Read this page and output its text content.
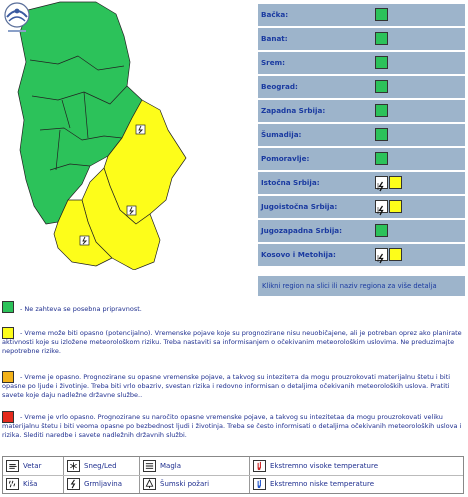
Bačka:
Banat:
Srem:
Beograd:
Zapadna Srbija:
Šumadija:
Pomoravlje:
Istočna Srbija:
Jugoistočna Srbija:
Jugozapadna Srbija:
Kosovo i Metohija:
Klikni region na slici ili naziv regiona za više detalja
- Ne zahteva se posebna pripravnost.
- Vreme može biti opasno (potencijalno). Vremenske pojave koje su prognozirane nisu neuobičajene, ali je potreban oprez ako planirate aktivnosti koje su izložene meteorološkom riziku. Treba nastaviti sa informisanjem o očekivanim meteorološkim uslovima. Ne preduzimajte nepotrebne rizike.
- Vreme je opasno. Prognozirane su opasne vremenske pojave, a takvog su intezitета da mogu prouzrokovati materijalnu štetu i biti opasne po ljude i životinje. Treba biti vrlo obazriv, svestan rizika i redovno informisan o detaljima očekivanih meteoroloških uslova. Pratiti savete koje daju nadležne državne službe..
- Vreme je vrlo opasno. Prognozirane su naročito opasne vremenske pojave, a takvog su intezitetaa da mogu prouzrokovati veliku materijalnu štetu i biti veoma opasne po bezbednost ljudi i životinja. Treba se često informisati o detaljima očekivanih meteoroloških uslova i rizika. Slediti naredbe i savete nadležnih državnih službi.
Vetar	Sneg/Led	Magla	Ekstremno visoke temperature
Kiša	Grmljavina	Šumski požari	Ekstremno niske temperature
